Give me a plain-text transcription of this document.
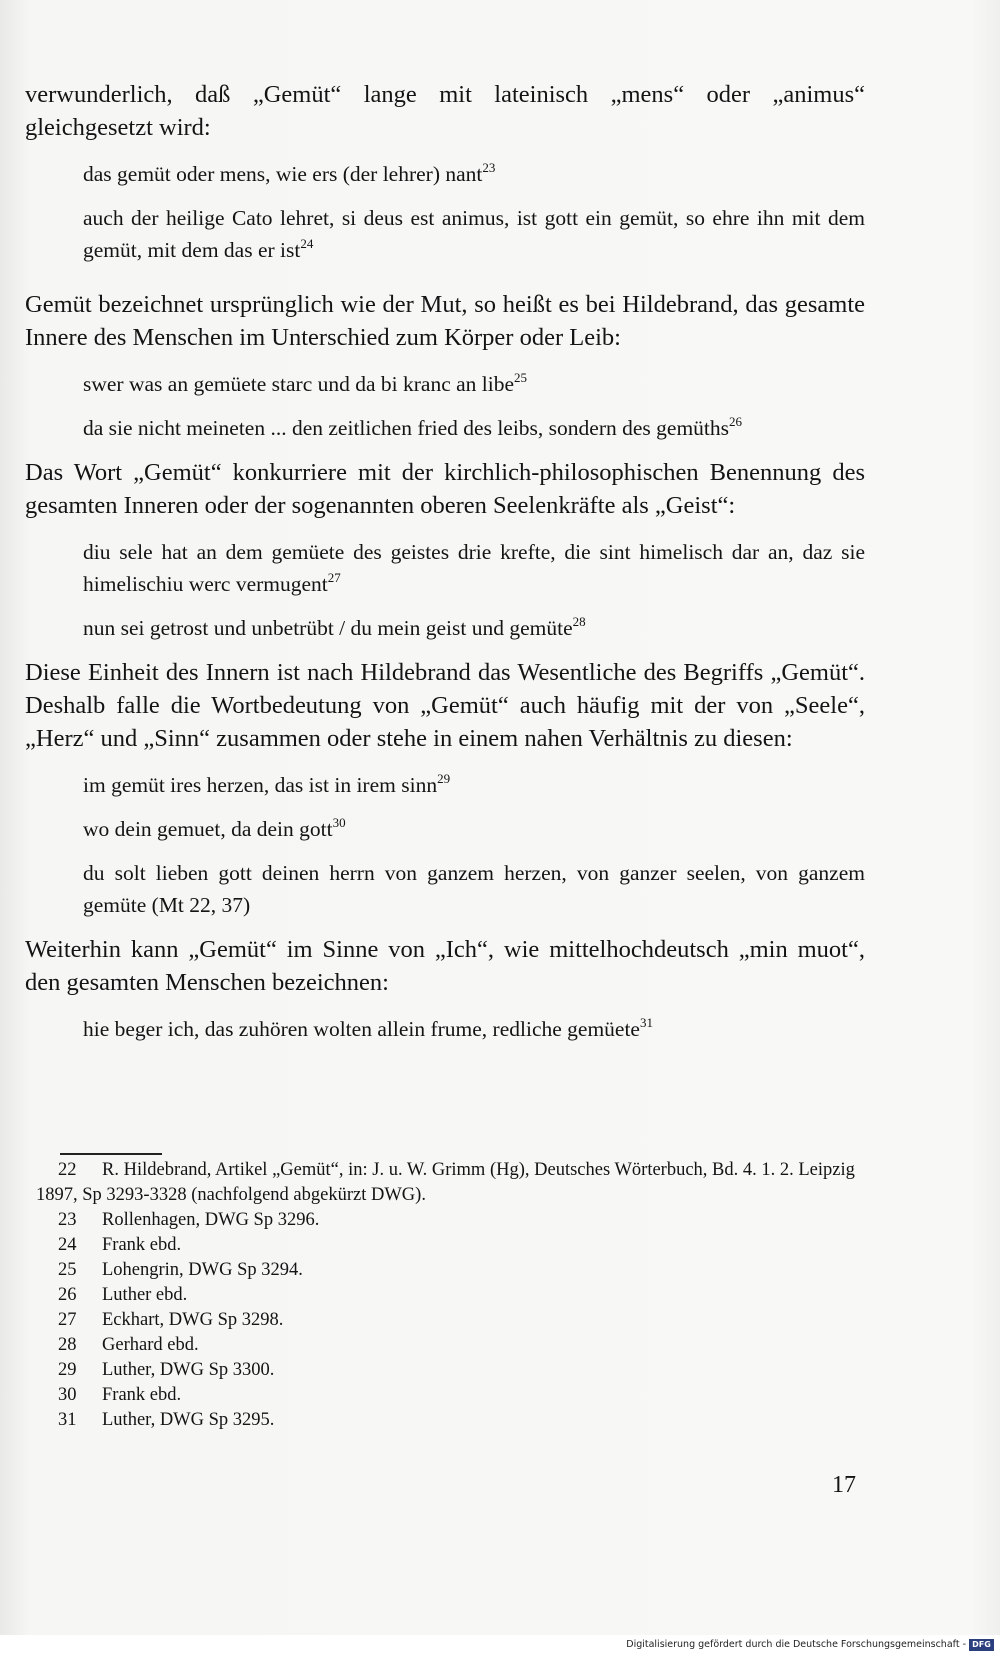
verwunderlich, daß „Gemüt“ lange mit lateinisch „mens“ oder „animus“ gleichgesetzt wird:

das gemüt oder mens, wie ers (der lehrer) nant$^{23}$

auch der heilige Cato lehret, si deus est animus, ist gott ein gemüt, so ehre ihn mit dem gemüt, mit dem das er ist$^{24}$

Gemüt bezeichnet ursprünglich wie der Mut, so heißt es bei Hildebrand, das gesamte Innere des Menschen im Unterschied zum Körper oder Leib:

swer was an gemüete starc und da bi kranc an libe$^{25}$

da sie nicht meineten ... den zeitlichen fried des leibs, sondern des gemüths$^{26}$

Das Wort „Gemüt“ konkurriere mit der kirchlich-philosophischen Benennung des gesamten Inneren oder der sogenannten oberen Seelenkräfte als „Geist“:

diu sele hat an dem gemüete des geistes drie krefte, die sint himelisch dar an, daz sie himelischiu werc vermugent$^{27}$

nun sei getrost und unbetrübt / du mein geist und gemüte$^{28}$

Diese Einheit des Innern ist nach Hildebrand das Wesentliche des Begriffs „Gemüt“. Deshalb falle die Wortbedeutung von „Gemüt“ auch häufig mit der von „Seele“, „Herz“ und „Sinn“ zusammen oder stehe in einem nahen Verhältnis zu diesen:

im gemüt ires herzen, das ist in irem sinn$^{29}$

wo dein gemuet, da dein gott$^{30}$

du solt lieben gott deinen herrn von ganzem herzen, von ganzer seelen, von ganzem gemüte (Mt 22, 37)

Weiterhin kann „Gemüt“ im Sinne von „Ich“, wie mittelhochdeutsch „min muot“, den gesamten Menschen bezeichnen:

hie beger ich, das zuhören wolten allein frume, redliche gemüete$^{31}$

22 R. Hildebrand, Artikel „Gemüt“, in: J. u. W. Grimm (Hg), Deutsches Wörterbuch, Bd. 4. 1. 2. Leipzig 1897, Sp 3293-3328 (nachfolgend abgekürzt DWG).
23 Rollenhagen, DWG Sp 3296.
24 Frank ebd.
25 Lohengrin, DWG Sp 3294.
26 Luther ebd.
27 Eckhart, DWG Sp 3298.
28 Gerhard ebd.
29 Luther, DWG Sp 3300.
30 Frank ebd.
31 Luther, DWG Sp 3295.
17
Digitalisierung gefördert durch die Deutsche Forschungsgemeinschaft - DFG
